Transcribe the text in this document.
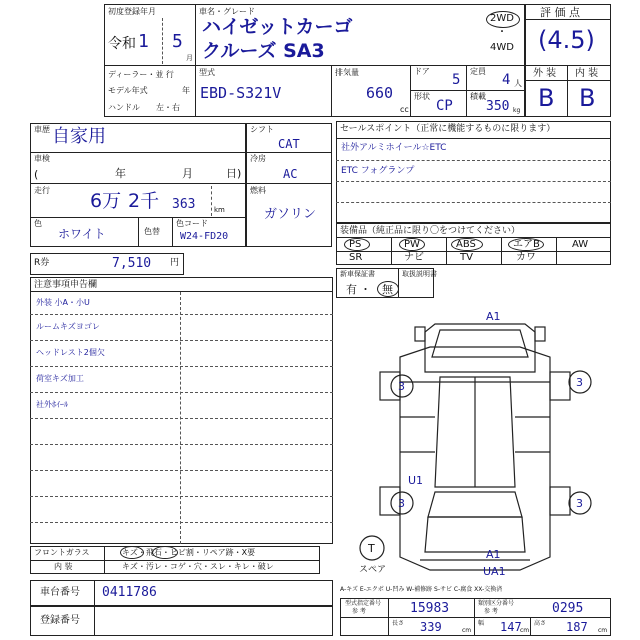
初度登録年月
令和 1 5
月
車名・グレード
ハイゼットカーゴ
クルーズ SA3
2WD
・
4WD
評 価 点
(4.5)
ディーラー・並 行
モデル年式	年
ハンドル 左・右
型式
EBD-S321V
排気量
660
cc
ドア
5
定員
4 人
形状
CP
積載
350 kg
外 装 内 装
B B
車歴 自家用
車検
(	年	月	日)
走行 6万 2千 363	km
色
ホワイト	色替
色コード
W24-FD20
シフト
CAT
冷房
AC
燃料
ガソリン
R券	7,510 円
セールスポイント（正常に機能するものに限ります）
社外アルミホイール☆ETC
ETC フォグランプ
装備品（純正品に限り〇をつけてください）
PS	PW	ABS	エアB	AW
SR	ナビ	TV	カワ
新車保証書
有 ・ 無
取扱説明書
注意事項申告欄
外装 小A・小U
ルームキズヨゴレ
ヘッドレスト2個欠
荷室キズ加工
社外ﾎｲｰﾙ
A1
3	3
3	3
U1
A1
UA1
T
スペア
フロントガラス	キズ・飛石・ヒビ割・リペア跡・X要
内 装	キズ・汚レ・コゲ・穴・スレ・キレ・破レ
A-キズ E-エクボ U-凹み W-補修跡 S-サビ C-腐食 XX-交換済
車台番号 0411786
登録番号
型式指定番号
参 考	15983	類別区分番号
参 考	0295
長さ 339	cm
幅 147
cm
高さ 187 cm
